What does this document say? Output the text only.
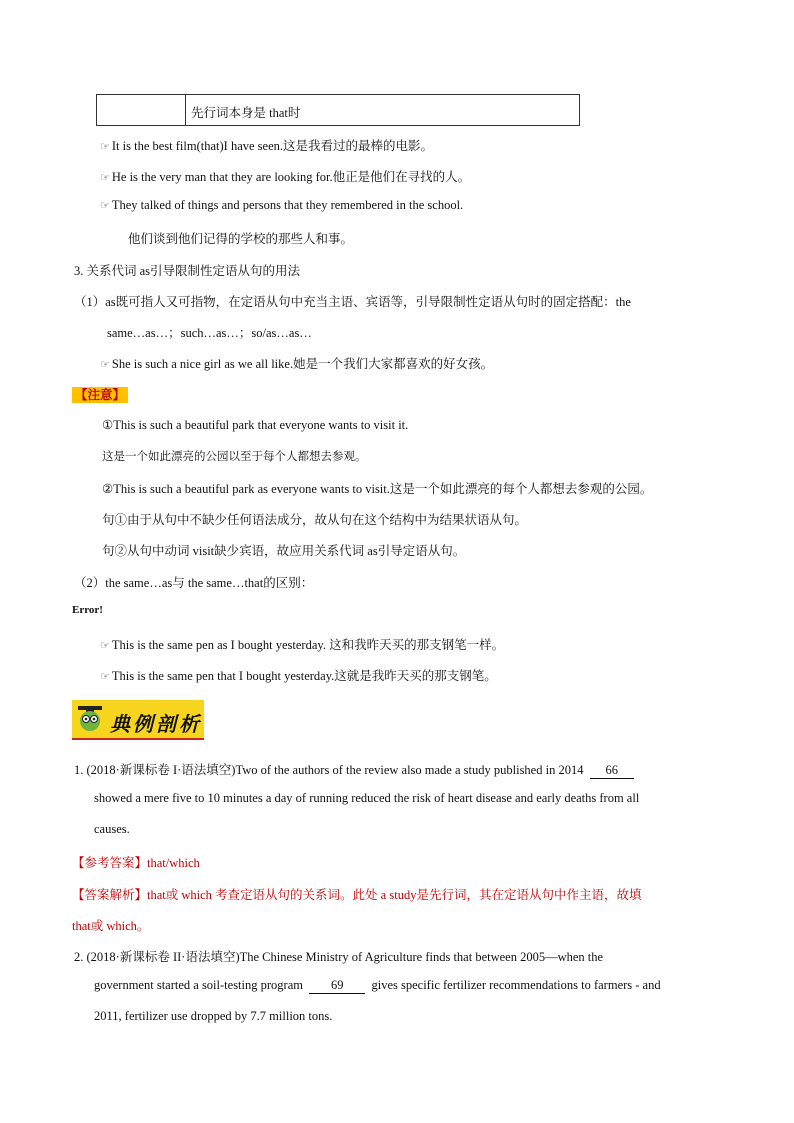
先行词本身是 that时
☞ It is the best film(that)I have seen.这是我看过的最棒的电影。
☞ He is the very man that they are looking for.他正是他们在寻找的人。
☞ They talked of things and persons that they remembered in the school.
他们谈到他们记得的学校的那些人和事。
3. 关系代词 as引导限制性定语从句的用法
（1）as既可指人又可指物，在定语从句中充当主语、宾语等，引导限制性定语从句时的固定搭配：the
same…as…；such…as…；so/as…as…
☞ She is such a nice girl as we all like.她是一个我们大家都喜欢的好女孩。
【注意】
①This is such a beautiful park that everyone wants to visit it.
这是一个如此漂亮的公园以至于每个人都想去参观。
②This is such a beautiful park as everyone wants to visit.这是一个如此漂亮的每个人都想去参观的公园。
句①由于从句中不缺少任何语法成分，故从句在这个结构中为结果状语从句。
句②从句中动词 visit缺少宾语，故应用关系代词 as引导定语从句。
（2）the same…as与 the same…that的区别：
Error!
☞ This is the same pen as I bought yesterday. 这和我昨天买的那支钢笔一样。
☞ This is the same pen that I bought yesterday.这就是我昨天买的那支钢笔。
典例剖析
1. (2018·新课标卷 I·语法填空)Two of the authors of the review also made a study published in 2014 66
showed a mere five to 10 minutes a day of running reduced the risk of heart disease and early deaths from all
causes.
【参考答案】that/which
【答案解析】that或 which 考查定语从句的关系词。此处 a study是先行词，其在定语从句中作主语，故填
that或 which。
2. (2018·新课标卷 II·语法填空)The Chinese Ministry of Agriculture finds that between 2005—when the
government started a soil-testing program 69 gives specific fertilizer recommendations to farmers - and
2011, fertilizer use dropped by 7.7 million tons.
